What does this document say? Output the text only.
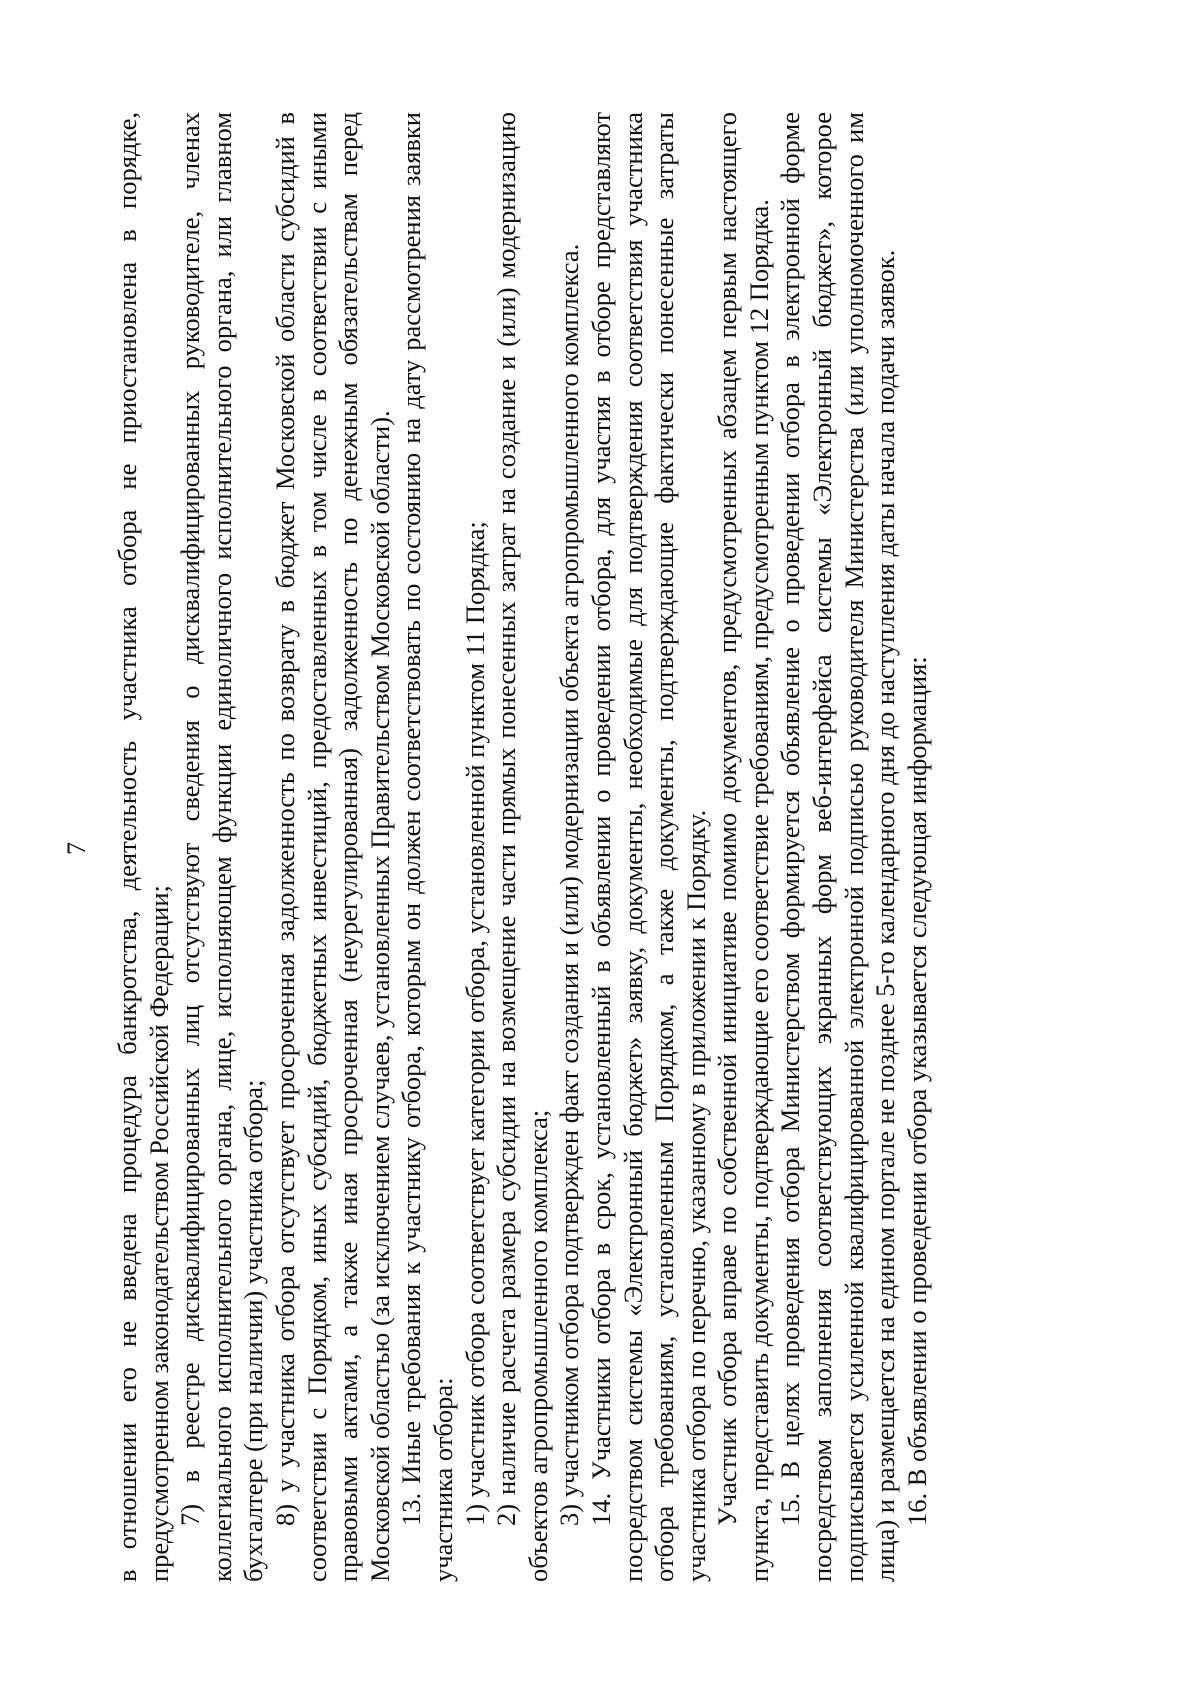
7 в отношении его не введена процедура банкротства, деятельность участника отбора не приостановлена в порядке, предусмотренном законодательством Российской Федерации; 7) в реестре дисквалифицированных лиц отсутствуют сведения о дисквалифицированных руководителе, членах коллегиального исполнительного органа, лице, исполняющем функции единоличного исполнительного органа, или главном бухгалтере (при наличии) участника отбора; 8) у участника отбора отсутствует просроченная задолженность по возврату в бюджет Московской области субсидий в соответствии с Порядком, иных субсидий, бюджетных инвестиций, предоставленных в том числе в соответствии с иными правовыми актами, а также иная просроченная (неурегулированная) задолженность по денежным обязательствам перед Московской областью (за исключением случаев, установленных Правительством Московской области). 13. Иные требования к участнику отбора, которым он должен соответствовать по состоянию на дату рассмотрения заявки участника отбора: 1) участник отбора соответствует категории отбора, установленной пунктом 11 Порядка; 2) наличие расчета размера субсидии на возмещение части прямых понесенных затрат на создание и (или) модернизацию объектов агропромышленного комплекса; 3) участником отбора подтвержден факт создания и (или) модернизации объекта агропромышленного комплекса. 14. Участники отбора в срок, установленный в объявлении о проведении отбора, для участия в отборе представляют посредством системы «Электронный бюджет» заявку, документы, необходимые для подтверждения соответствия участника отбора требованиям, установленным Порядком, а также документы, подтверждающие фактически понесенные затраты участника отбора по перечню, указанному в приложении к Порядку. Участник отбора вправе по собственной инициативе помимо документов, предусмотренных абзацем первым настоящего пункта, представить документы, подтверждающие его соответствие требованиям, предусмотренным пунктом 12 Порядка. 15. В целях проведения отбора Министерством формируется объявление о проведении отбора в электронной форме посредством заполнения соответствующих экранных форм веб-интерфейса системы «Электронный бюджет», которое подписывается усиленной квалифицированной электронной подписью руководителя Министерства (или уполномоченного им лица) и размещается на едином портале не позднее 5-го календарного дня до наступления даты начала подачи заявок. 16. В объявлении о проведении отбора указывается следующая информация:
